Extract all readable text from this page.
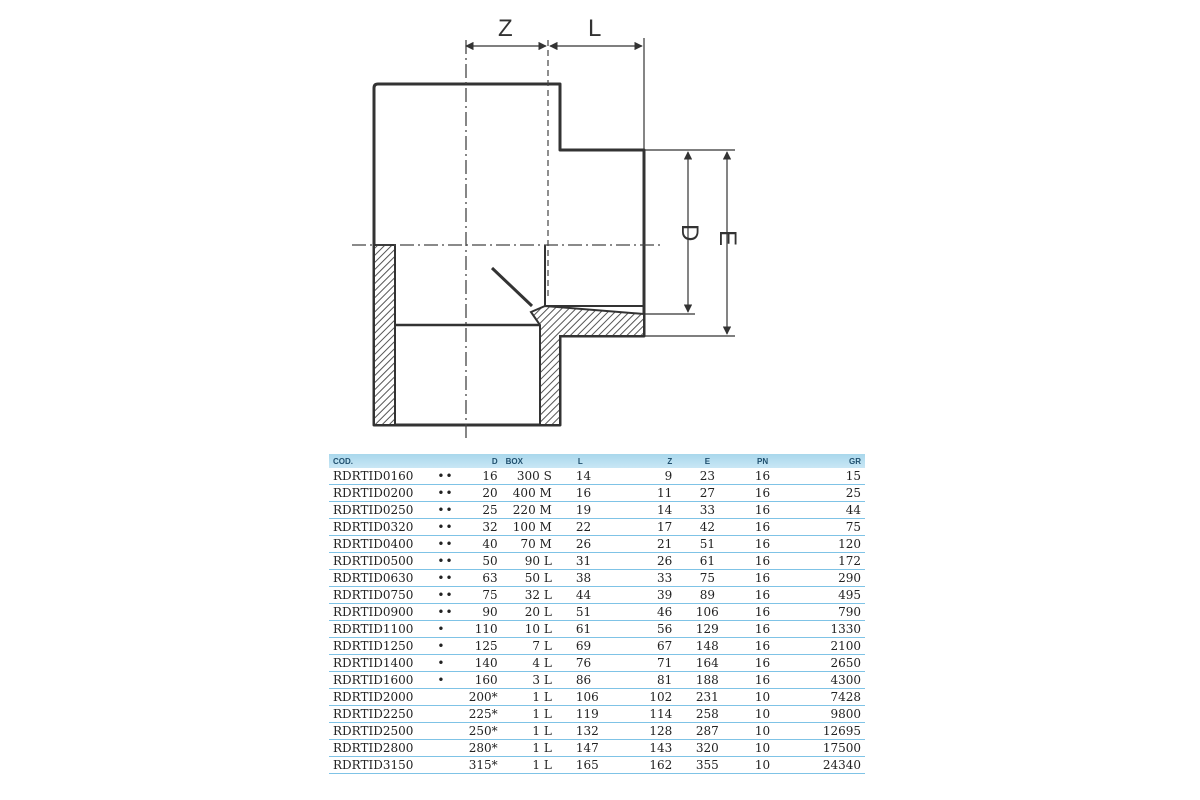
Z	L
D E
COD.		D	BOX	L	Z	E	PN	GR
RDRTID0160	••	16	300 S	14	9	23	16	15
RDRTID0200	••	20	400 M	16	11	27	16	25
RDRTID0250	••	25	220 M	19	14	33	16	44
RDRTID0320	••	32	100 M	22	17	42	16	75
RDRTID0400	••	40	70 M	26	21	51	16	120
RDRTID0500	••	50	90 L	31	26	61	16	172
RDRTID0630	••	63	50 L	38	33	75	16	290
RDRTID0750	••	75	32 L	44	39	89	16	495
RDRTID0900	••	90	20 L	51	46	106	16	790
RDRTID1100	•	110	10 L	61	56	129	16	1330
RDRTID1250	•	125	7 L	69	67	148	16	2100
RDRTID1400	•	140	4 L	76	71	164	16	2650
RDRTID1600	•	160	3 L	86	81	188	16	4300
RDRTID2000		200*	1 L	106	102	231	10	7428
RDRTID2250		225*	1 L	119	114	258	10	9800
RDRTID2500		250*	1 L	132	128	287	10	12695
RDRTID2800		280*	1 L	147	143	320	10	17500
RDRTID3150		315*	1 L	165	162	355	10	24340
